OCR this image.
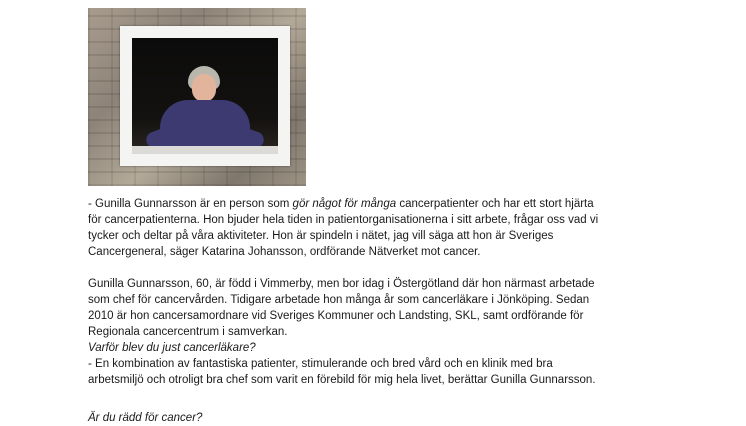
- Gunilla Gunnarsson är en person som gör något för många cancerpatienter och har ett stort hjärta

för cancerpatienterna. Hon bjuder hela tiden in patientorganisationerna i sitt arbete, frågar oss vad vi

tycker och deltar på våra aktiviteter. Hon är spindeln i nätet, jag vill säga att hon är Sveriges

Cancergeneral, säger Katarina Johansson, ordförande Nätverket mot cancer.

Gunilla Gunnarsson, 60, är född i Vimmerby, men bor idag i Östergötland där hon närmast arbetade

som chef för cancervården. Tidigare arbetade hon många år som cancerläkare i Jönköping. Sedan

2010 är hon cancersamordnare vid Sveriges Kommuner och Landsting, SKL, samt ordförande för

Regionala cancercentrum i samverkan.

Varför blev du just cancerläkare?

- En kombination av fantastiska patienter, stimulerande och bred vård och en klinik med bra

arbetsmiljö och otroligt bra chef som varit en förebild för mig hela livet, berättar Gunilla Gunnarsson.

Är du rädd för cancer?
